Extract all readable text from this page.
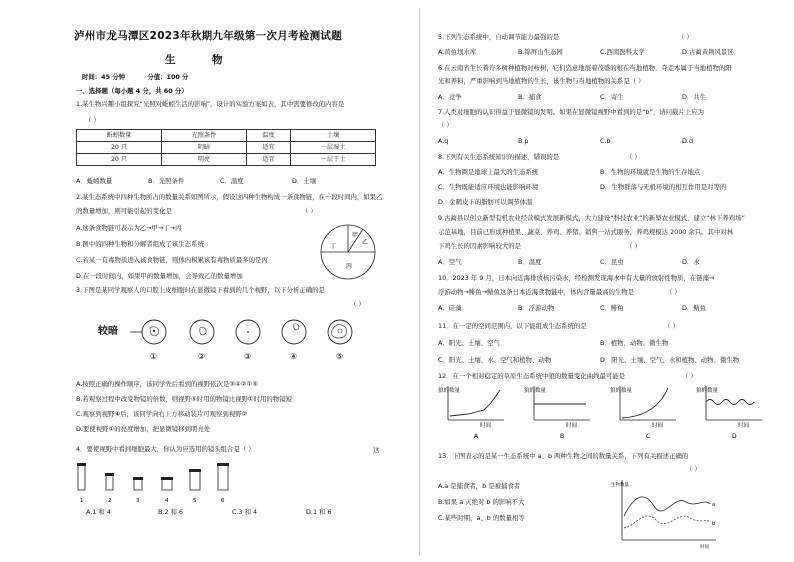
泸州市龙马潭区2023年秋期九年级第一次月考检测试题
生          物
时间：45 分钟          分值：100 分
一、选择题（每小题 4 分，共 60 分）
1.某生物兴趣小组探究“光照对蚯蚓生活的影响”，设计的实验方案如表，其中需要修改的内容是
（ ）
蚯蚓数量	光照条件	温度	土壤
20 只	阴暗	适宜	一层湿土
20 只	明亮	适宜	一层干土
A．蚯蚓数量	B．光照条件	C．温度	D．土壤
2.某生态系统中四种生物所占的数量关系如图所示，假设这四种生物构成一条食物链，在一段时间内，如果乙
的数量增加，则可能引起的变化是	（ ）
A.这条食物链可表示为乙→甲→丁→丙
B.图中的四种生物和分解者组成了该生态系统
C.若某一有毒物质进入该食物链，则体内积累该有毒物质最多的是丙
D.在一段时间内，如果甲的数量增加，会导致乙的数量增加
甲
乙
丁
丙
3.下图是某同学观察人的口腔上皮细胞时在显微镜下看到的几个视野，以下分析正确的是
（ ）
较暗
①	②	③	④	⑤
A.按照正确的操作顺序，该同学先后看到的视野依次是③④②①⑤
B.若观察过程中改变物镜的倍数，则视野⑤时用的物镜比视野①时用的物镜短
C.观察到视野④后，该同学向右上方移动装片可观察到视野②
D.要使视野①的亮度增加，把显微镜移到明亮处
4．要使视野中看到细胞最大，你认为应选用的镜头组合是（ ）	这
1	2	3	4	5	6
A.1 和 4	B.2 和 6	C.3 和 4	D.1 和 6
5.下列生态系统中，自动调节能力最强的是	（ ）
A.黄鱼坝水库	B.锦屏山生态园	C.西南医科大学	D.古蔺黄荆风景区
6.在云南省生长着许多树种植物对桉树，它们恣意地展着茂盛的根在当地植物，夺走本属于当地植物的阳
光和养料，严重影响到当地植物的生长，该生物与当地植物的关系是（ ）
A．竞争	B．捕食	C．寄生	D．共生
7.人类对细胞的认识得益于显微镜的发明。如果在显微镜视野中看到的是“b”，请问载片上应为
（ ）
A.q	B.p	C.b	D.d
8.下列有关生态系统知识的描述，错误的是	（ ）
A．生物圈是地球上最大的生态系统	B．生物的环境就是生物的生存地点
C．生物既能适应环境也能影响环境	D．生物群落与无机环境的相互作用是对等的
D．金鹤皮下的脂肪可以调节体温
9.古蔺县以创立新型有机农业经营模式发展新模式，大力建设“科技农业”的新型农业模式，建立“林下养鸡场”
示范基地，目前已形成种植果、蔬菜、养鸡、养猪、销售一站式服务，养鸡规模达 2000 余只。其中对林
下鸡生长的因素影响较大的是	（ ）
A．空气	B．温度	C．昆虫	D．水
10．2023 年 9 月，日本向近海排放核污染水，经检测发现海水中有大量的放射性物质，在链藻→
浮游动物→鲱鱼→鲭鱼这条日本近海食物链中，体内含量最高的生物是	（ ）
A．硅藻	B．浮游动物	C．鲱鱼	D．鲭鱼
11．在一定的空间范围内，以下能组成生态系统的是	（ ）
A．阳光、土壤、空气	B．植物、动物、微生物
C．阳光、土壤、水、空气和植物、动物	D．阳光、土壤、空气、水和植物、动物、微生物
12．在一个相对稳定的草原生态系统中狼的数量变化曲线最可能是	（ ）
狼的数量
时间
A
狼的数量
时间
B
狼的数量
时间
C
狼的数量
时间
D
13．下图表示的是某一生态系统中 a、b 两种生物之间的数量关系，下列有关描述正确的
（ ）
A.a 是捕食者，b 是被捕食者
B.如果 a 灭绝对 b 的影响不大
C.某些时期，a、b 的数量相等
生物数量
时间
a
b
